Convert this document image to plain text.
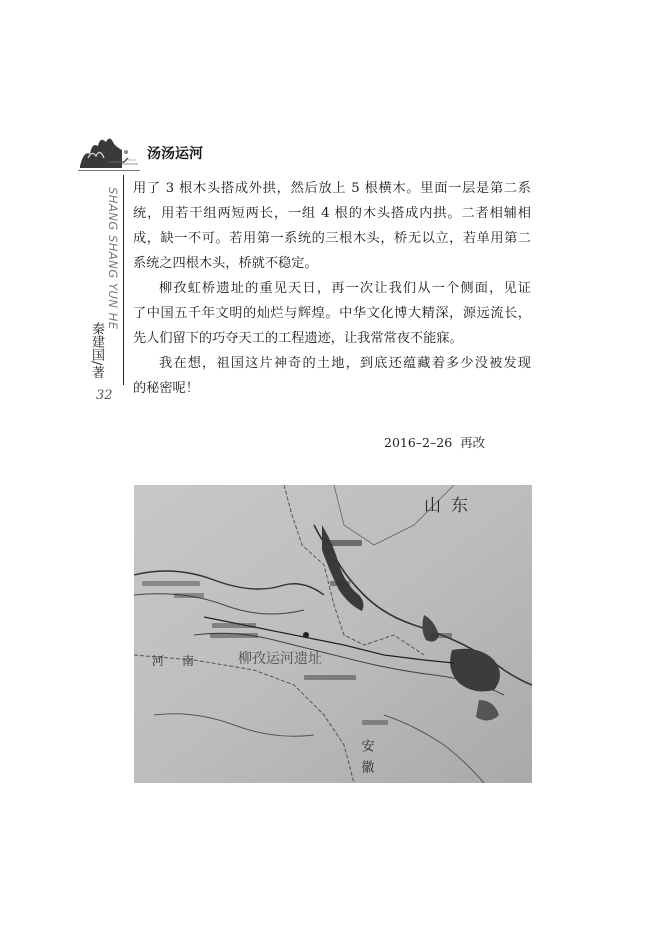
汤汤运河
SHANG SHANG YUN HE
秦建国/著
32
用了 3 根木头搭成外拱，然后放上 5 根横木。里面一层是第二系
统，用若干组两短两长，一组 4 根的木头搭成内拱。二者相辅相
成，缺一不可。若用第一系统的三根木头，桥无以立，若单用第二
系统之四根木头，桥就不稳定。
柳孜虹桥遗址的重见天日，再一次让我们从一个侧面，见证
了中国五千年文明的灿烂与辉煌。中华文化博大精深，源远流长，
先人们留下的巧夺天工的工程遗迹，让我常常夜不能寐。
我在想，祖国这片神奇的土地，到底还蕴藏着多少没被发现
的秘密呢！
2016–2–26 再改
山东
河南 柳孜运河遗址
安徽
